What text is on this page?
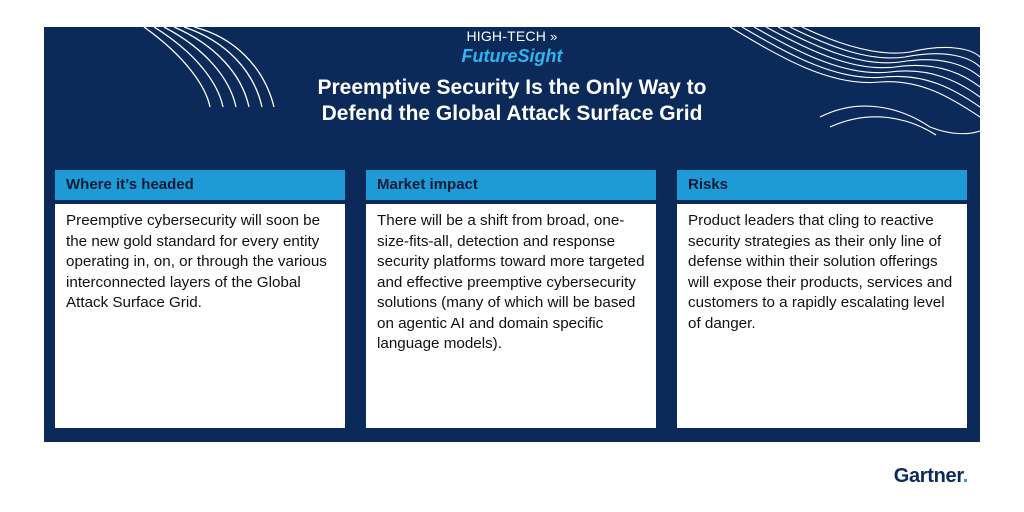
HIGH-TECH »
FutureSight
Preemptive Security Is the Only Way to
Defend the Global Attack Surface Grid
Where it’s headed
Preemptive cybersecurity will soon be the new gold standard for every entity operating in, on, or through the various interconnected layers of the Global Attack Surface Grid.
Market impact
There will be a shift from broad, one-size-fits-all, detection and response security platforms toward more targeted and effective preemptive cybersecurity solutions (many of which will be based on agentic AI and domain specific language models).
Risks
Product leaders that cling to reactive security strategies as their only line of defense within their solution offerings will expose their products, services and customers to a rapidly escalating level of danger.
Gartner.
